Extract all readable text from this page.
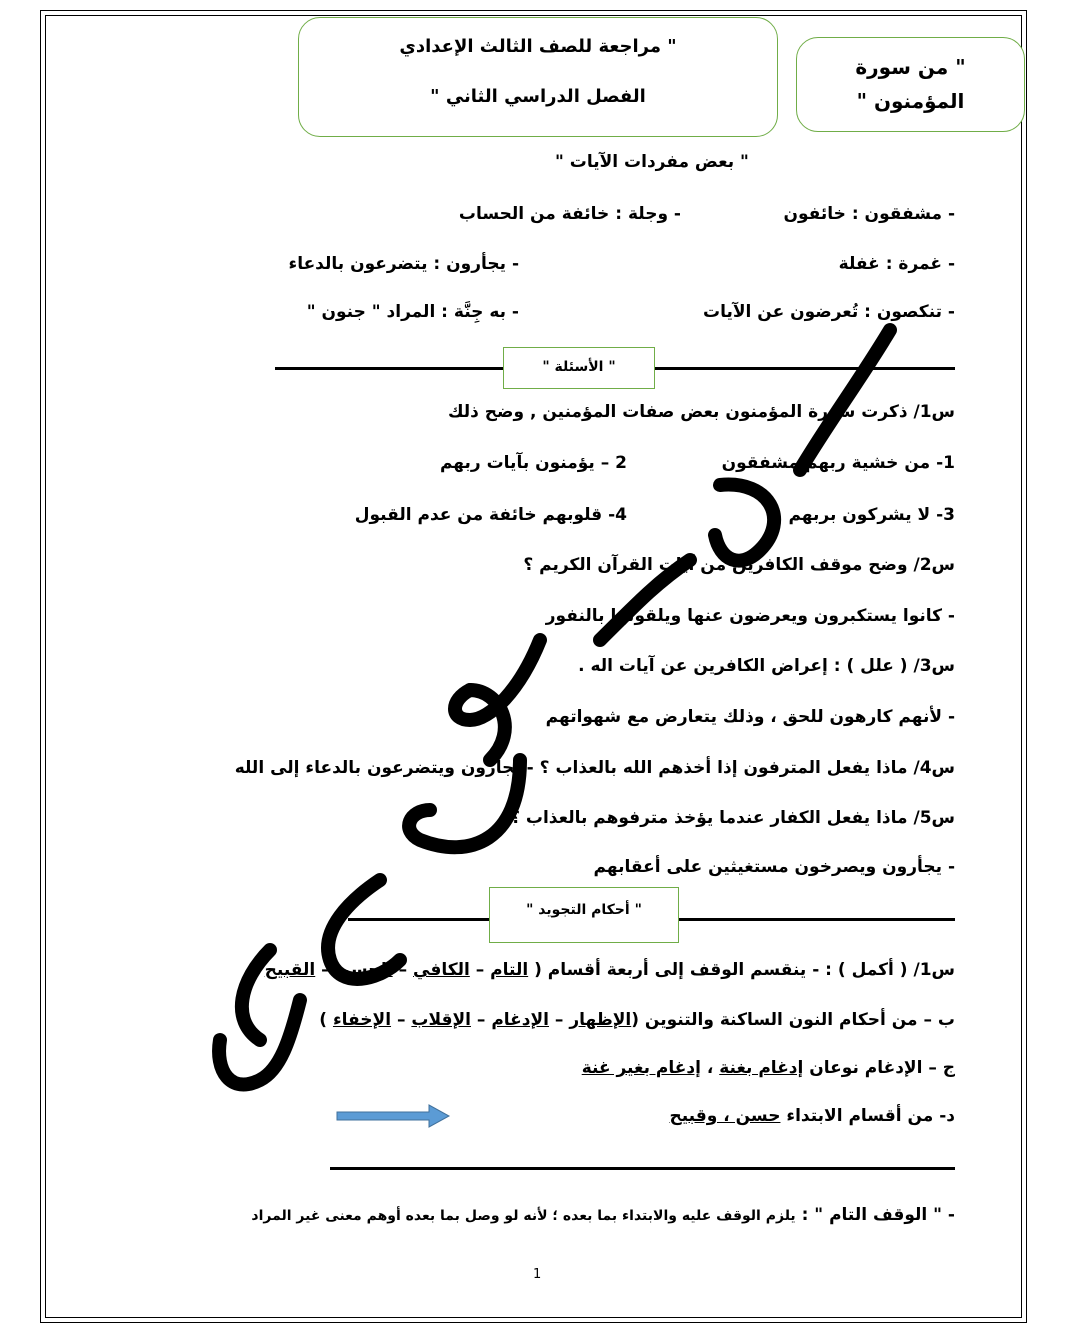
" مراجعة للصف الثالث الإعدادي
الفصل الدراسي الثاني "
" من سورة
المؤمنون "
" بعض مفردات الآيات "
- مشفقون : خائفون
- وجلة : خائفة من الحساب
- غمرة : غفلة
- يجأرون : يتضرعون بالدعاء
- تنكصون : تُعرضون عن الآيات
- به جِنَّة : المراد " جنون "
" الأسئلة "
س1/ ذكرت سورة المؤمنون بعض صفات المؤمنين , وضح ذلك
1- من خشية ربهم مشفقون
2 – يؤمنون بآيات ربهم
3- لا يشركون بربهم
4- قلوبهم خائفة من عدم القبول
س2/ وضح موقف الكافرين من آيات القرآن الكريم ؟
- كانوا يستكبرون ويعرضون عنها ويلقونها بالنفور
س3/ ( علل ) : إعراض الكافرين عن آيات اله .
- لأنهم كارهون للحق ، وذلك يتعارض مع شهواتهم
س4/ ماذا يفعل المترفون إذا أخذهم الله بالعذاب ؟ - يجأرون ويتضرعون بالدعاء إلى الله
س5/ ماذا يفعل الكفار عندما يؤخذ مترفوهم بالعذاب ؟
- يجأرون ويصرخون مستغيثين على أعقابهم
" أحكام التجويد "
س1/ ( أكمل ) : - ينقسم الوقف إلى أربعة أقسام ( التام – الكافي – الحسن – القبيح )
ب – من أحكام النون الساكنة والتنوين (الإظهار – الإدغام – الإقلاب – الإخفاء )
ج – الإدغام نوعان إدغام بغنة ، إدغام بغير غنة
د- من أقسام الابتداء حسن ، وقبيح
- " الوقف التام " : يلزم الوقف عليه والابتداء بما بعده ؛ لأنه لو وصل بما بعده أوهم معنى غير المراد
1
